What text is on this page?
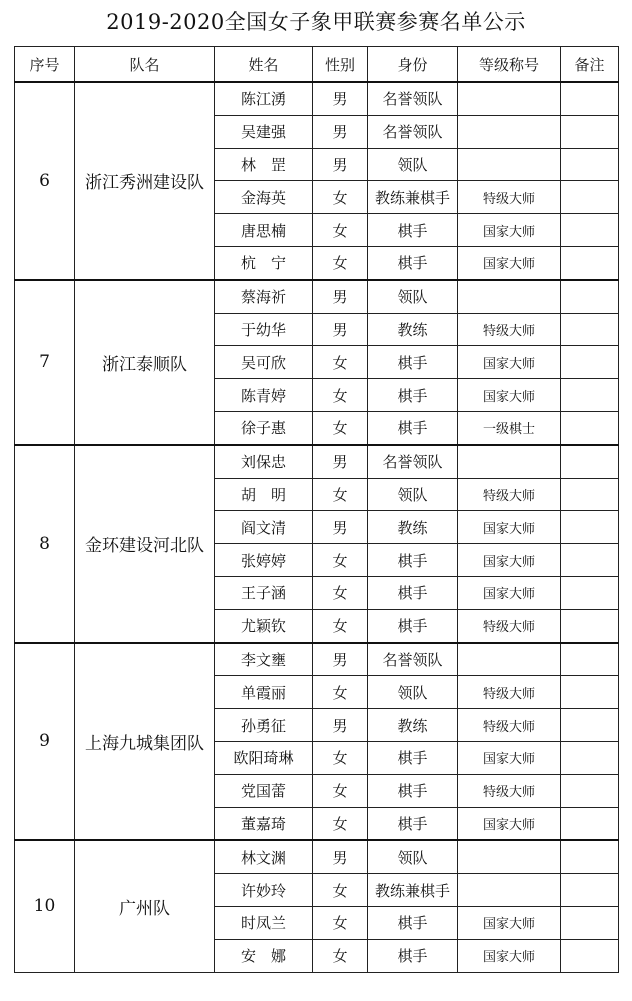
2019-2020全国女子象甲联赛参赛名单公示
序号	队名	姓名	性别	身份	等级称号	备注
6	浙江秀洲建设队	陈江湧	男	名誉领队		
		吴建强	男	名誉领队		
		林　罡	男	领队		
		金海英	女	教练兼棋手	特级大师	
		唐思楠	女	棋手	国家大师	
		杭　宁	女	棋手	国家大师	
7	浙江泰顺队	蔡海祈	男	领队		
		于幼华	男	教练	特级大师	
		吴可欣	女	棋手	国家大师	
		陈青婷	女	棋手	国家大师	
		徐子惠	女	棋手	一级棋士	
8	金环建设河北队	刘保忠	男	名誉领队		
		胡　明	女	领队	特级大师	
		阎文清	男	教练	国家大师	
		张婷婷	女	棋手	国家大师	
		王子涵	女	棋手	国家大师	
		尤颖钦	女	棋手	特级大师	
9	上海九城集团队	李文壅	男	名誉领队		
		单霞丽	女	领队	特级大师	
		孙勇征	男	教练	特级大师	
		欧阳琦琳	女	棋手	国家大师	
		党国蕾	女	棋手	特级大师	
		董嘉琦	女	棋手	国家大师	
10	广州队	林文渊	男	领队		
		许妙玲	女	教练兼棋手		
		时凤兰	女	棋手	国家大师	
		安　娜	女	棋手	国家大师	
